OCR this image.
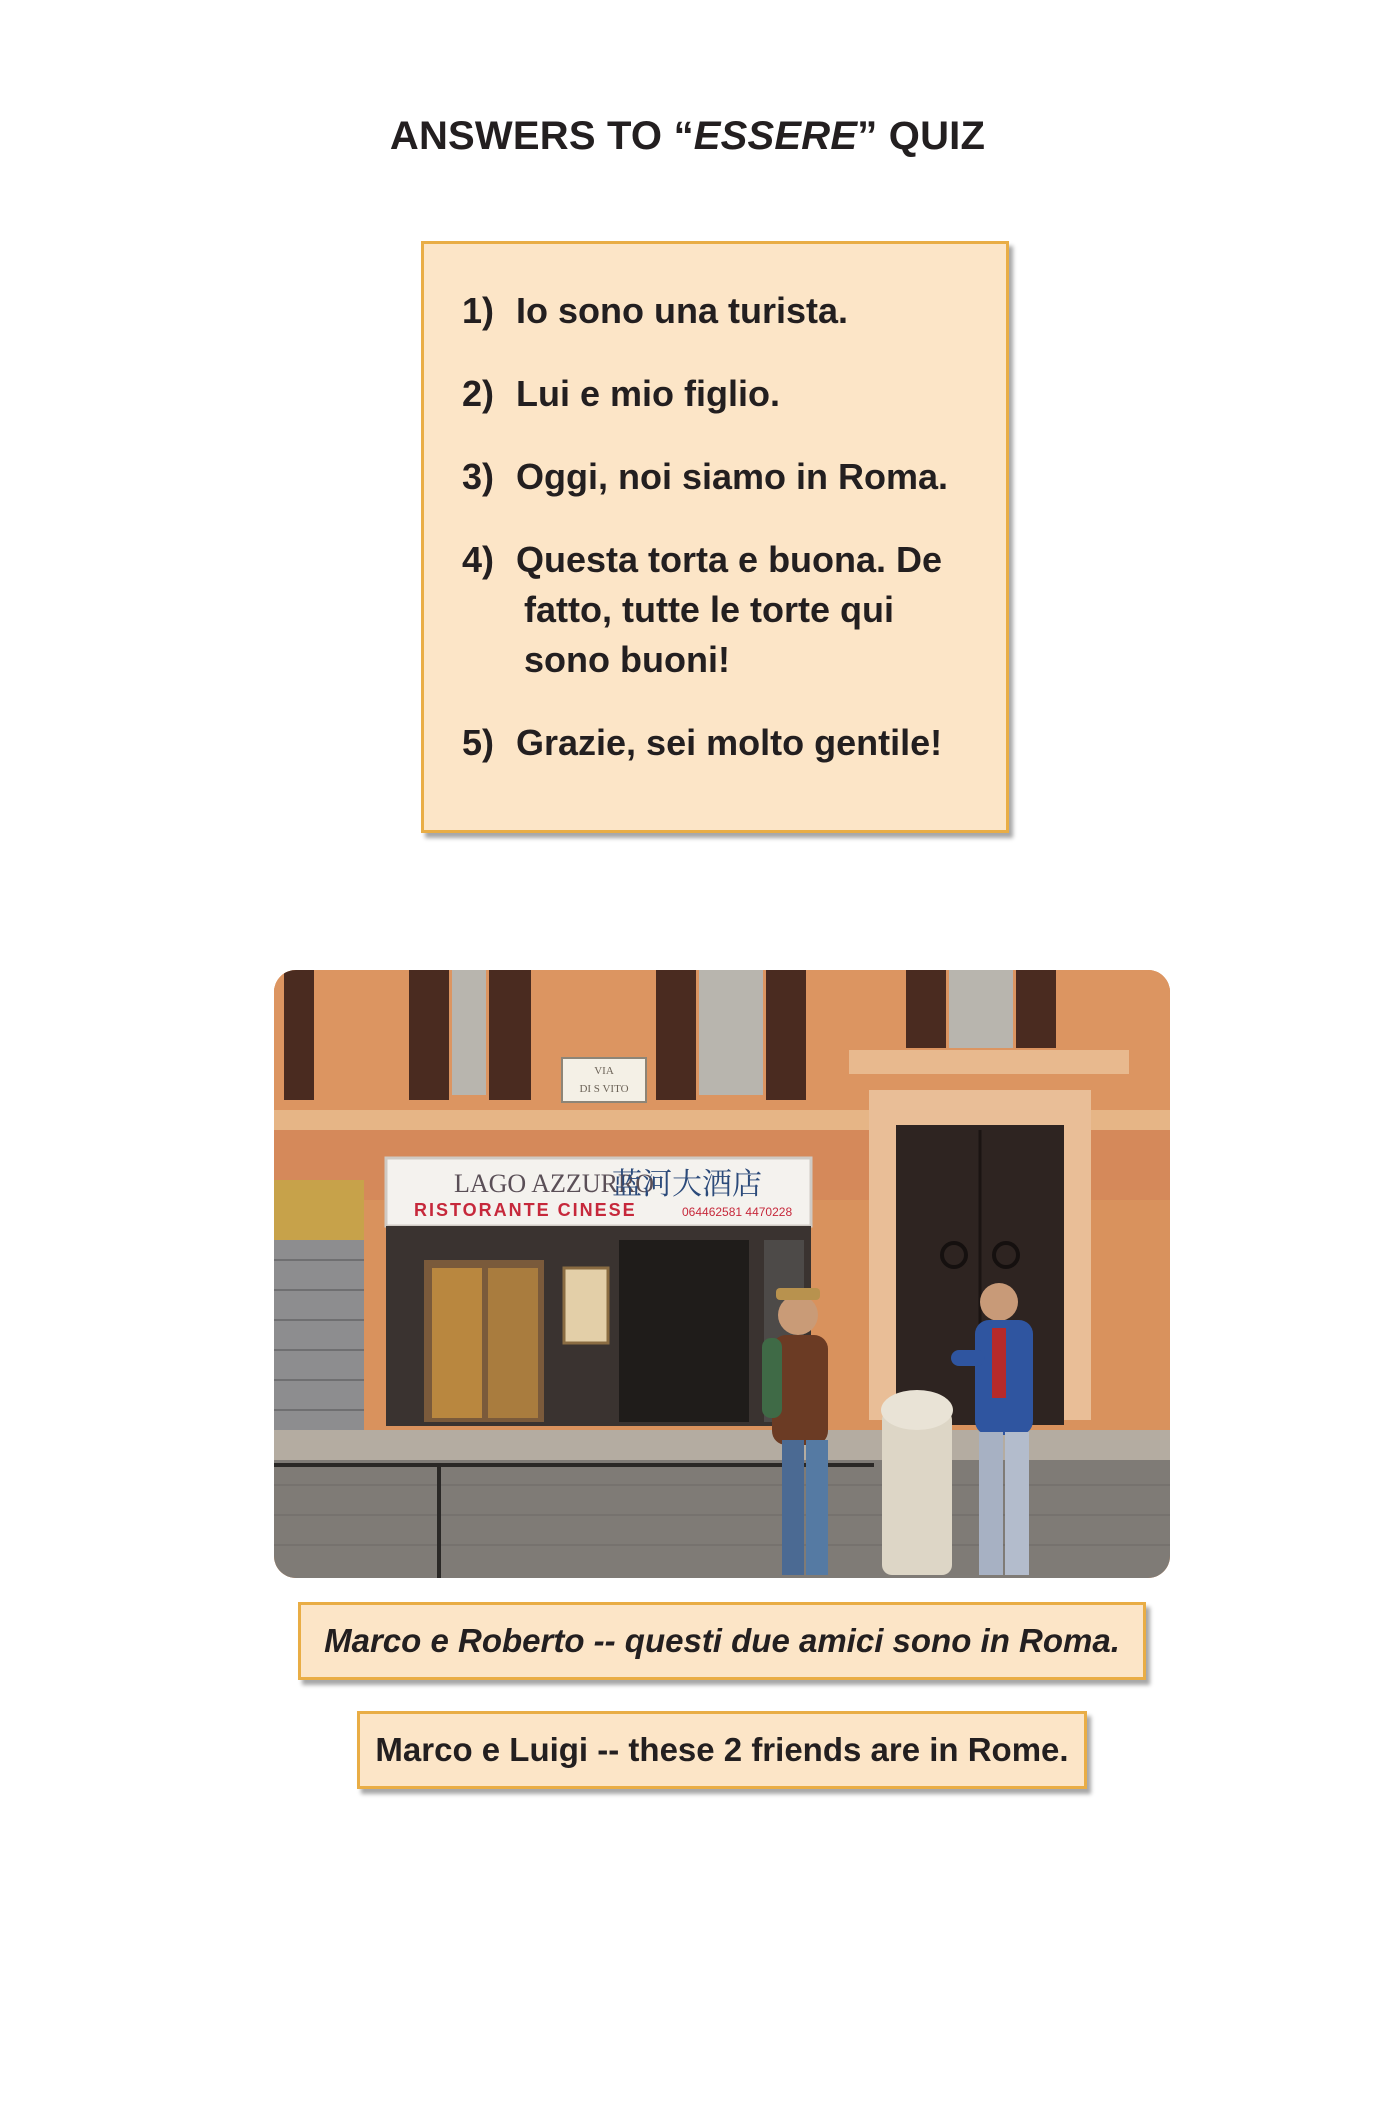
ANSWERS TO “ESSERE” QUIZ
1) Io sono una turista.
2) Lui e mio figlio.
3) Oggi, noi siamo in Roma.
4) Questa torta e buona. De
fatto, tutte le torte qui
sono buoni!
5) Grazie, sei molto gentile!
VIA
DI S VITO
LAGO AZZURRO
蓝河大酒店
RISTORANTE CINESE	064462581 4470228
Marco e Roberto -- questi due amici sono in Roma.
Marco e Luigi -- these 2 friends are in Rome.
